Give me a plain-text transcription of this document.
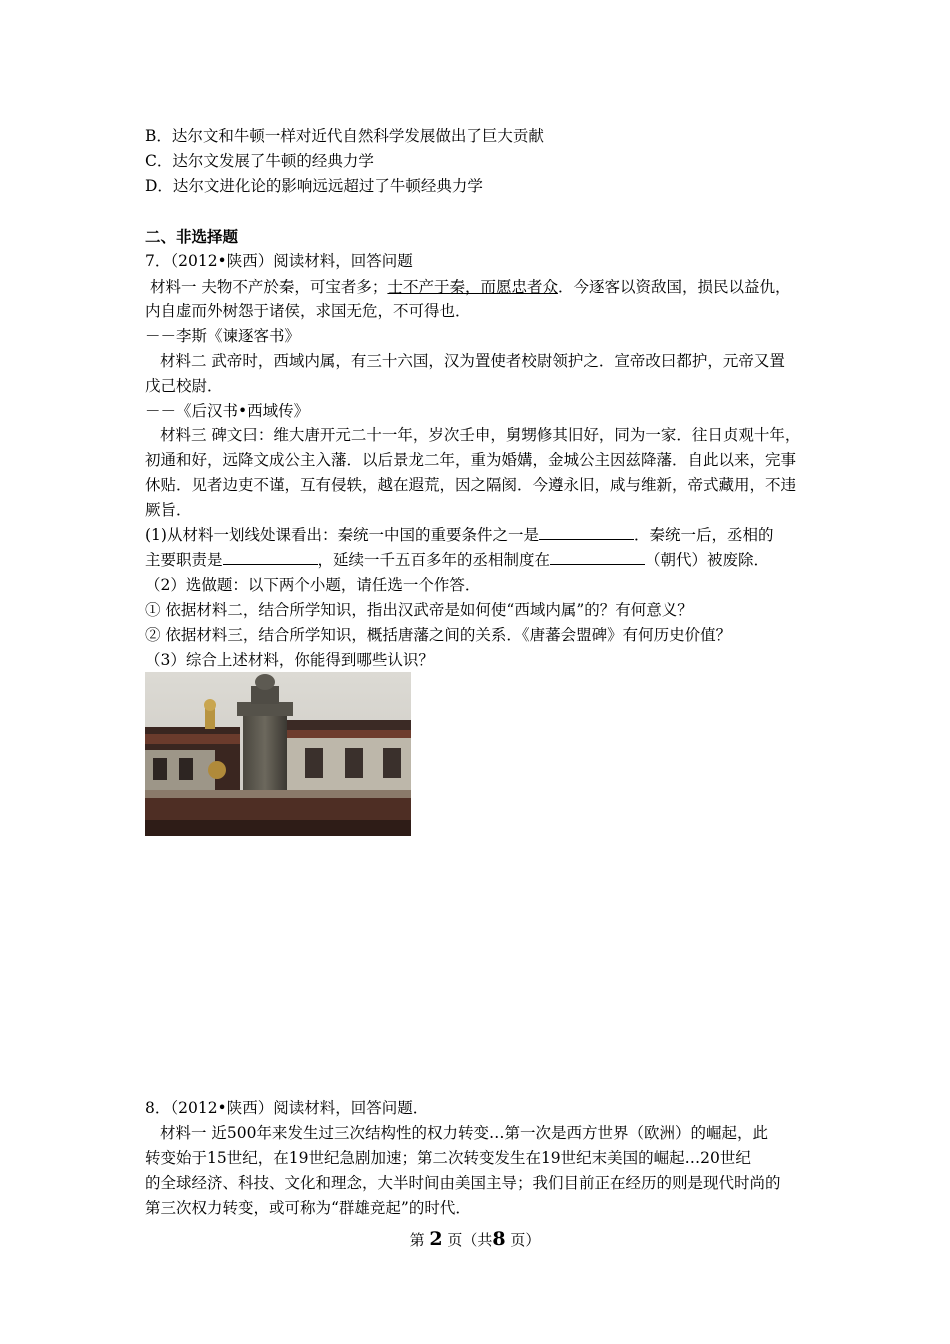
B．达尔文和牛顿一样对近代自然科学发展做出了巨大贡献
C．达尔文发展了牛顿的经典力学
D．达尔文进化论的影响远远超过了牛顿经典力学
二、非选择题
7．（2012•陕西）阅读材料，回答问题
材料一 夫物不产於秦，可宝者多；士不产于秦，而愿忠者众．今逐客以资敌国，损民以益仇，
内自虚而外树怨于诸侯，求国无危，不可得也．
－－李斯《谏逐客书》
材料二 武帝时，西域内属，有三十六国，汉为置使者校尉领护之．宣帝改曰都护，元帝又置
戊己校尉．
－－《后汉书•西域传》
材料三 碑文曰：维大唐开元二十一年，岁次壬申，舅甥修其旧好，同为一家．往日贞观十年，
初通和好，远降文成公主入藩．以后景龙二年，重为婚媾，金城公主因兹降藩．自此以来，完事
休贴．见者边吏不谨，互有侵轶，越在遐荒，因之隔阂．今遵永旧，咸与维新，帝式藏用，不违
厥旨．
(1)从材料一划线处课看出：秦统一中国的重要条件之一是	．秦统一后，丞相的
主要职责是	，延续一千五百多年的丞相制度在	（朝代）被废除．
（2）选做题：以下两个小题，请任选一个作答．
① 依据材料二，结合所学知识，指出汉武帝是如何使“西域内属”的？有何意义？
② 依据材料三，结合所学知识，概括唐藩之间的关系．《唐蕃会盟碑》有何历史价值？
（3）综合上述材料，你能得到哪些认识？
8．（2012•陕西）阅读材料，回答问题．
材料一 近500年来发生过三次结构性的权力转变…第一次是西方世界（欧洲）的崛起，此
转变始于15世纪，在19世纪急剧加速；第二次转变发生在19世纪末美国的崛起…20世纪
的全球经济、科技、文化和理念，大半时间由美国主导；我们目前正在经历的则是现代时尚的
第三次权力转变，或可称为“群雄竞起”的时代．
第 2 页（共8 页）
